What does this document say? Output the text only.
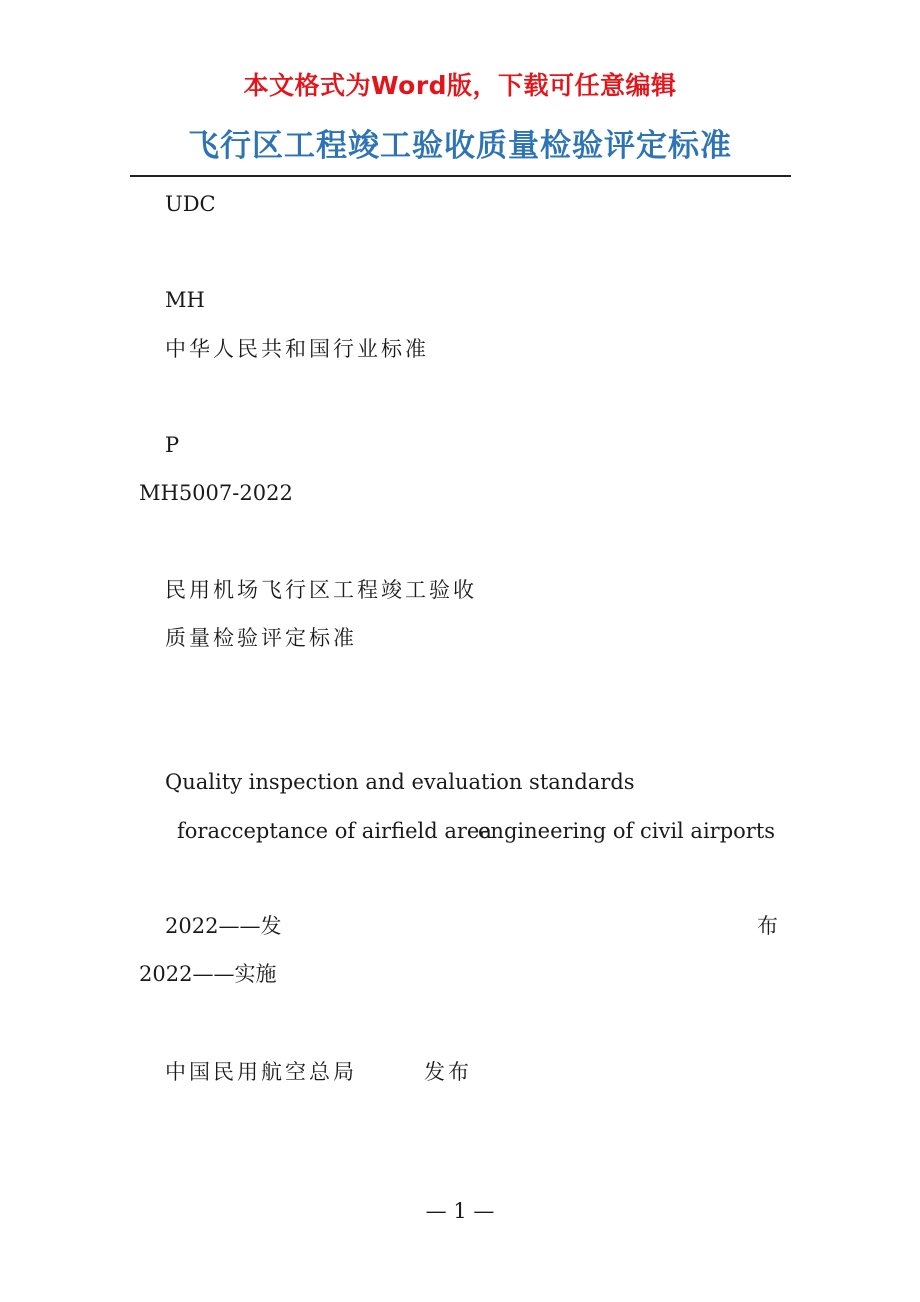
本文格式为Word版，下载可任意编辑
飞行区工程竣工验收质量检验评定标准
UDC
MH
中华人民共和国行业标准
P
MH5007-2022
民用机场飞行区工程竣工验收
质量检验评定标准
Quality inspection and evaluation standards
foracceptance of airfield area
engineering of civil airports
2022——发	布
2022——实施
中国民用航空总局	发布
— 1 —
